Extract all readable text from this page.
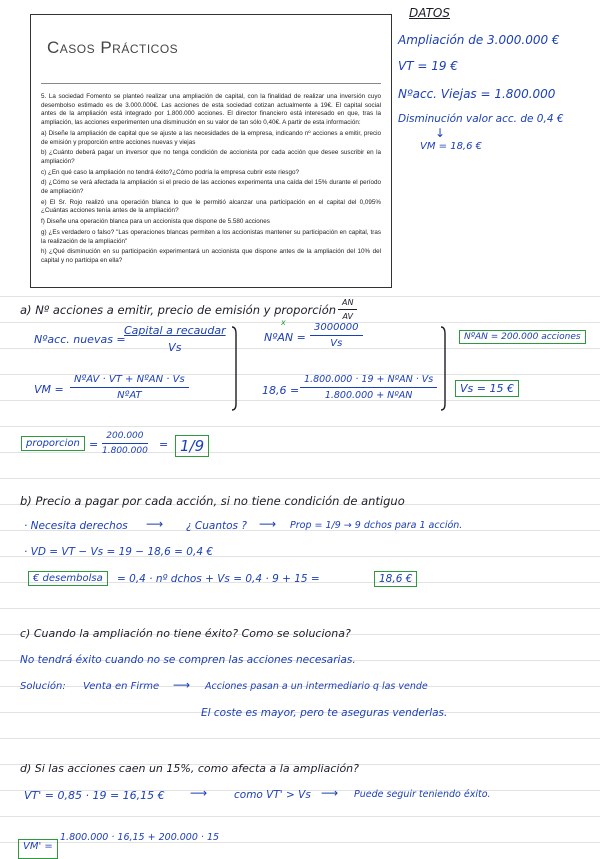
Casos Prácticos

5. La sociedad Fomento se planteó realizar una ampliación de capital, con la finalidad de realizar una inversión cuyo desembolso estimado es de 3.000.000€. Las acciones de esta sociedad cotizan actualmente a 19€. El capital social antes de la ampliación está integrado por 1.800.000 acciones. El director financiero está interesado en que, tras la ampliación, las acciones experimenten una disminución en su valor de tan sólo 0,40€. A partir de esta información:

a) Diseñe la ampliación de capital que se ajuste a las necesidades de la empresa, indicando nº acciones a emitir, precio de emisión y proporción entre acciones nuevas y viejas

b) ¿Cuánto deberá pagar un inversor que no tenga condición de accionista por cada acción que desee suscribir en la ampliación?

c) ¿En qué caso la ampliación no tendrá éxito?¿Cómo podría la empresa cubrir este riesgo?

d) ¿Cómo se verá afectada la ampliación si el precio de las acciones experimenta una caída del 15% durante el período de ampliación?

e) El Sr. Rojo realizó una operación blanca lo que le permitió alcanzar una participación en el capital del 0,095% ¿Cuántas acciones tenía antes de la ampliación?

f) Diseñe una operación blanca para un accionista que dispone de 5.580 acciones

g) ¿Es verdadero o falso? "Las operaciones blancas permiten a los accionistas mantener su participación en capital, tras la realización de la ampliación"

h) ¿Qué disminución en su participación experimentará un accionista que dispone antes de la ampliación del 10% del capital y no participa en ella?

DATOS
Ampliación de 3.000.000 €
VT = 19 €
Nºacc. Viejas = 1.800.000
Disminución valor acc. de 0,4 €
↓
VM = 18,6 €
a) Nº acciones a emitir, precio de emisión y proporción
AN
AV
Nºacc. nuevas =
Capital a recaudar
Vs
VM =
NºAV · VT + NºAN · Vs
NºAT
x
NºAN =
3000000
Vs
18,6 =
1.800.000 · 19 + NºAN · Vs
1.800.000 + NºAN
NºAN = 200.000 acciones
Vs = 15 €
proporcion =
200.000
1.800.000
= 1/9
b) Precio a pagar por cada acción, si no tiene condición de antiguo
· Necesita derechos ⟶ ¿ Cuantos ? ⟶ Prop = 1/9 → 9 dchos para 1 acción.
· VD = VT − Vs = 19 − 18,6 = 0,4 €
€ desembolsa	= 0,4 · nº dchos + Vs = 0,4 · 9 + 15 =	18,6 €
c) Cuando la ampliación no tiene éxito? Como se soluciona?
No tendrá éxito cuando no se compren las acciones necesarias.
Solución: Venta en Firme ⟶ Acciones pasan a un intermediario q las vende
El coste es mayor, pero te aseguras venderlas.
d) Si las acciones caen un 15%, como afecta a la ampliación?
VT' = 0,85 · 19 = 16,15 € ⟶	como VT' > Vs ⟶ Puede seguir teniendo éxito.
VM' =
1.800.000 · 16,15 + 200.000 · 15
